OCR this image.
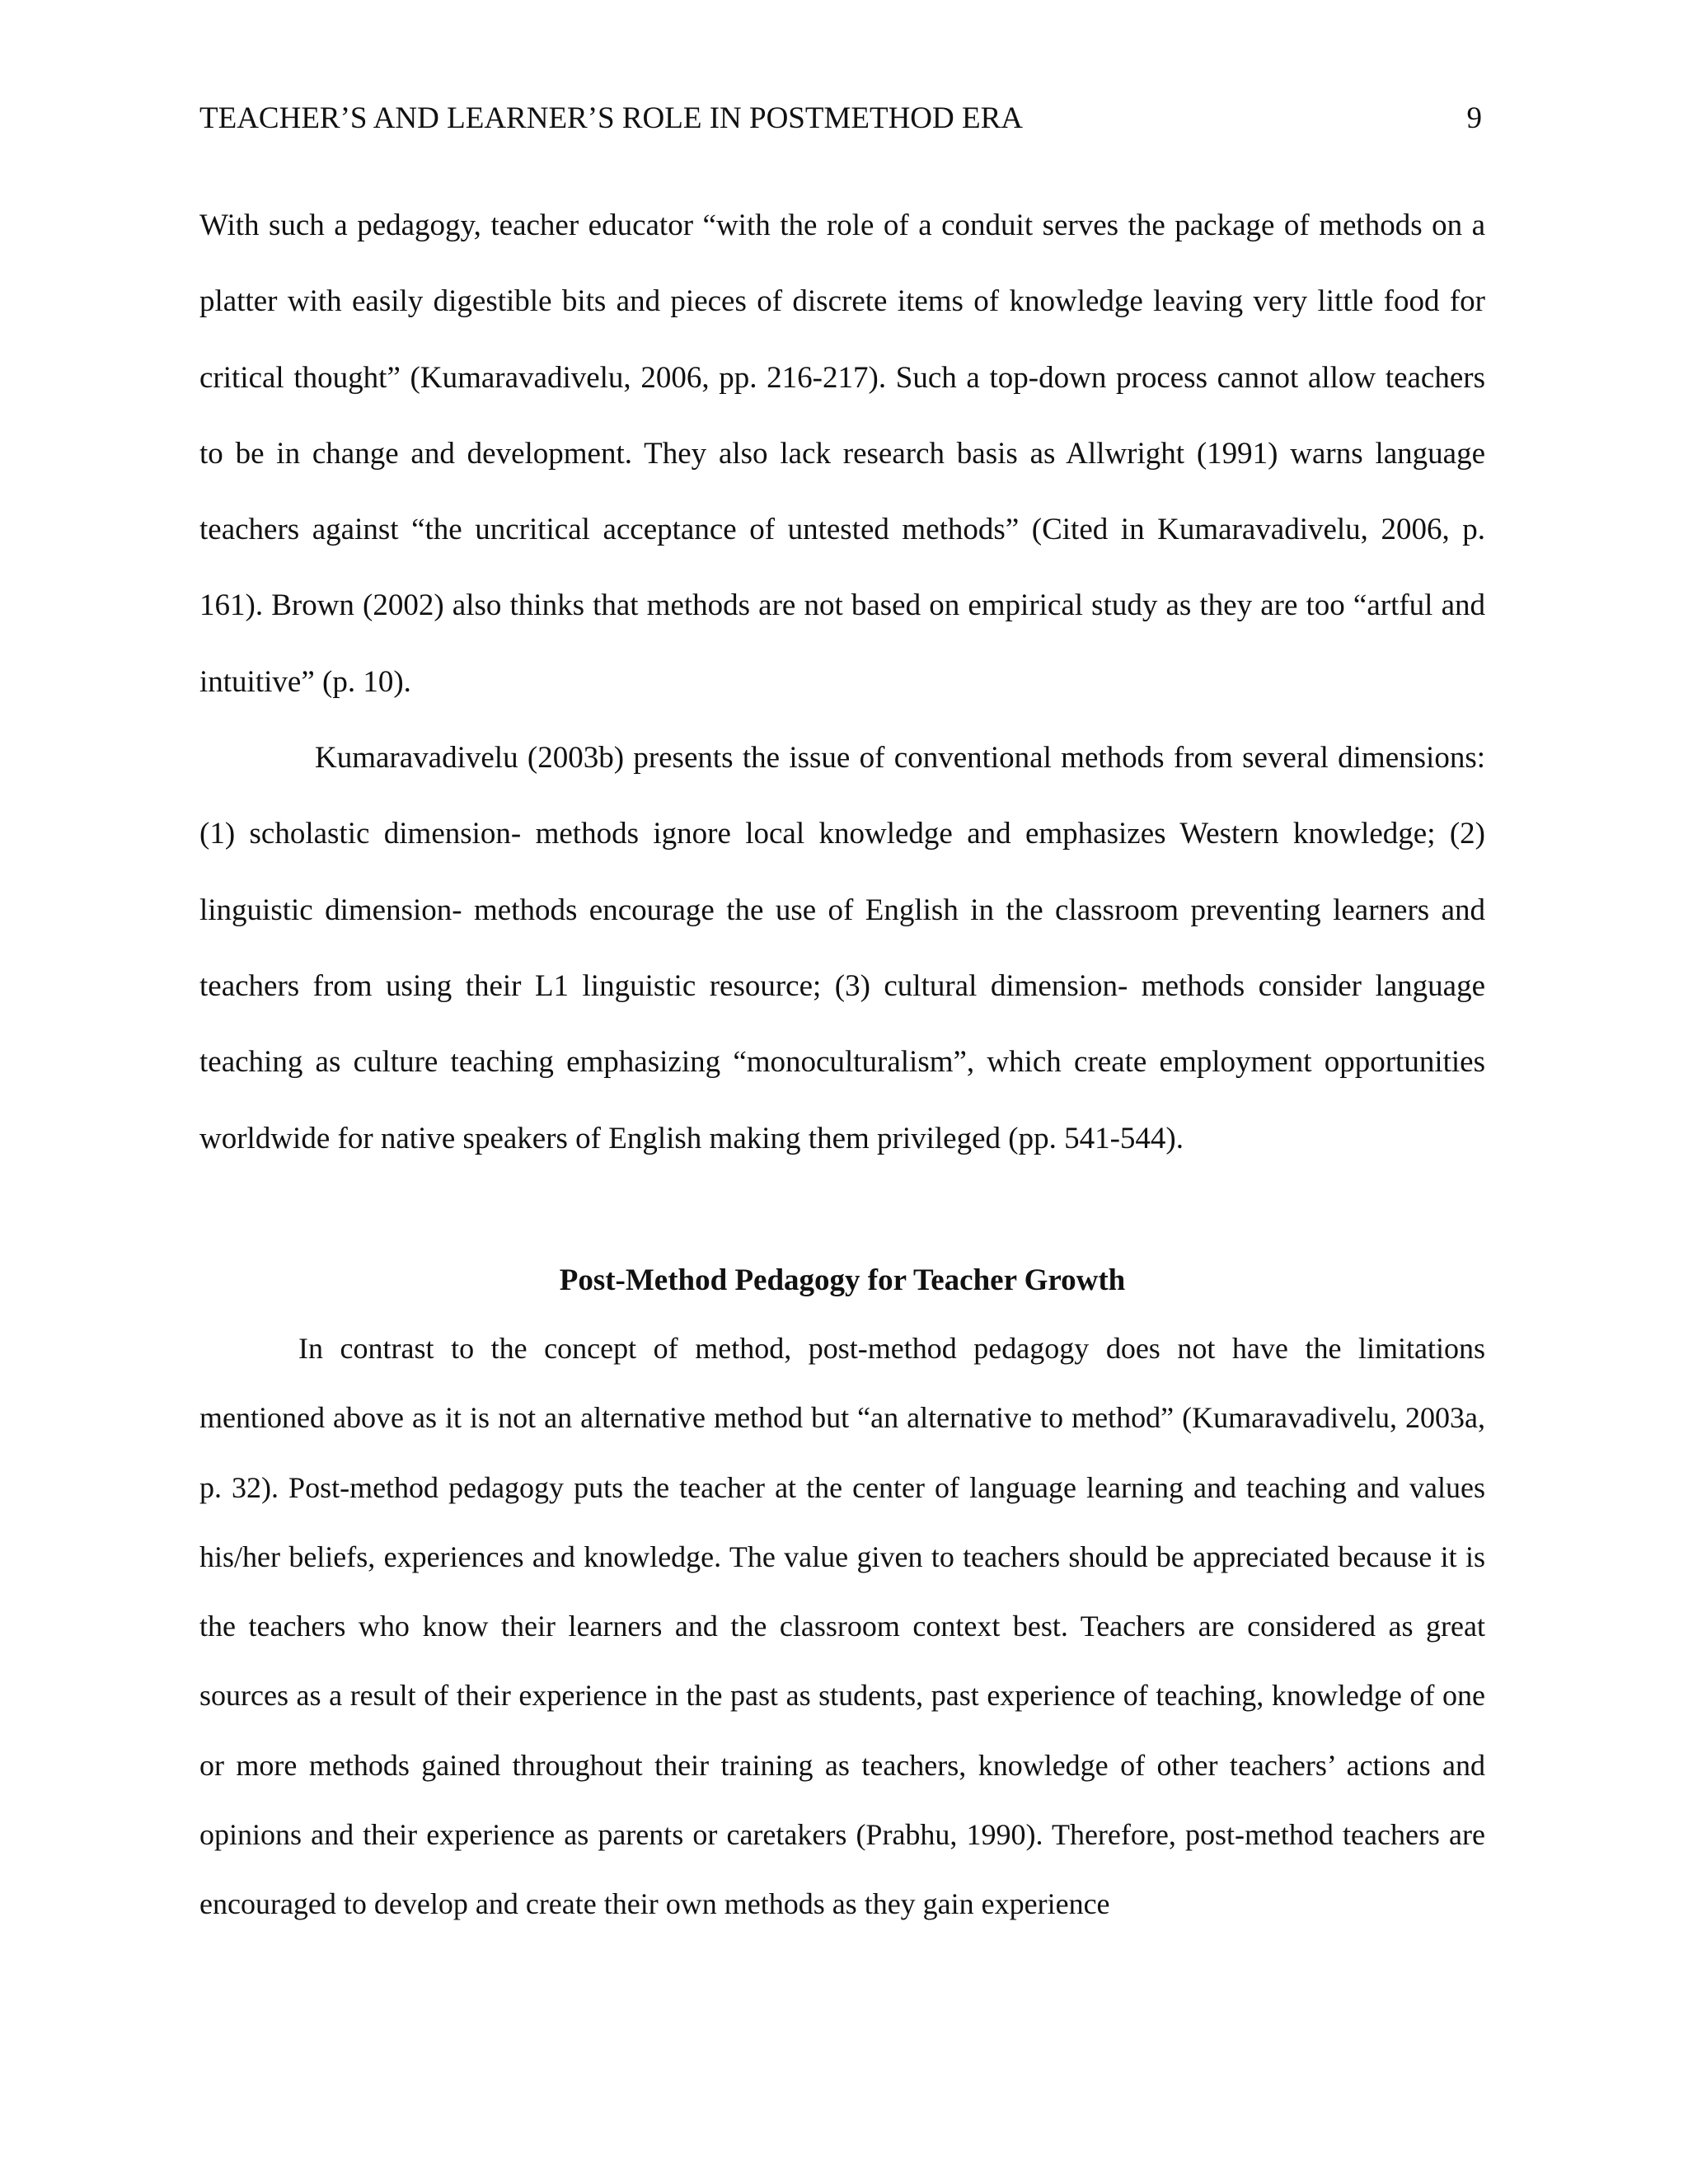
TEACHER’S AND LEARNER’S ROLE IN POSTMETHOD ERA	9

With such a pedagogy, teacher educator “with the role of a conduit serves the package of methods on a platter with easily digestible bits and pieces of discrete items of knowledge leaving very little food for critical thought” (Kumaravadivelu, 2006, pp. 216-217). Such a top-down process cannot allow teachers to be in change and development. They also lack research basis as Allwright (1991) warns language teachers against “the uncritical acceptance of untested methods” (Cited in Kumaravadivelu, 2006, p. 161). Brown (2002) also thinks that methods are not based on empirical study as they are too “artful and intuitive” (p. 10).

Kumaravadivelu (2003b) presents the issue of conventional methods from several dimensions: (1) scholastic dimension- methods ignore local knowledge and emphasizes Western knowledge; (2) linguistic dimension- methods encourage the use of English in the classroom preventing learners and teachers from using their L1 linguistic resource; (3) cultural dimension- methods consider language teaching as culture teaching emphasizing “monoculturalism”, which create employment opportunities worldwide for native speakers of English making them privileged (pp. 541-544).

Post-Method Pedagogy for Teacher Growth

In contrast to the concept of method, post-method pedagogy does not have the limitations mentioned above as it is not an alternative method but “an alternative to method” (Kumaravadivelu, 2003a, p. 32). Post-method pedagogy puts the teacher at the center of language learning and teaching and values his/her beliefs, experiences and knowledge. The value given to teachers should be appreciated because it is the teachers who know their learners and the classroom context best. Teachers are considered as great sources as a result of their experience in the past as students, past experience of teaching, knowledge of one or more methods gained throughout their training as teachers, knowledge of other teachers’ actions and opinions and their experience as parents or caretakers (Prabhu, 1990). Therefore, post-method teachers are encouraged to develop and create their own methods as they gain experience
